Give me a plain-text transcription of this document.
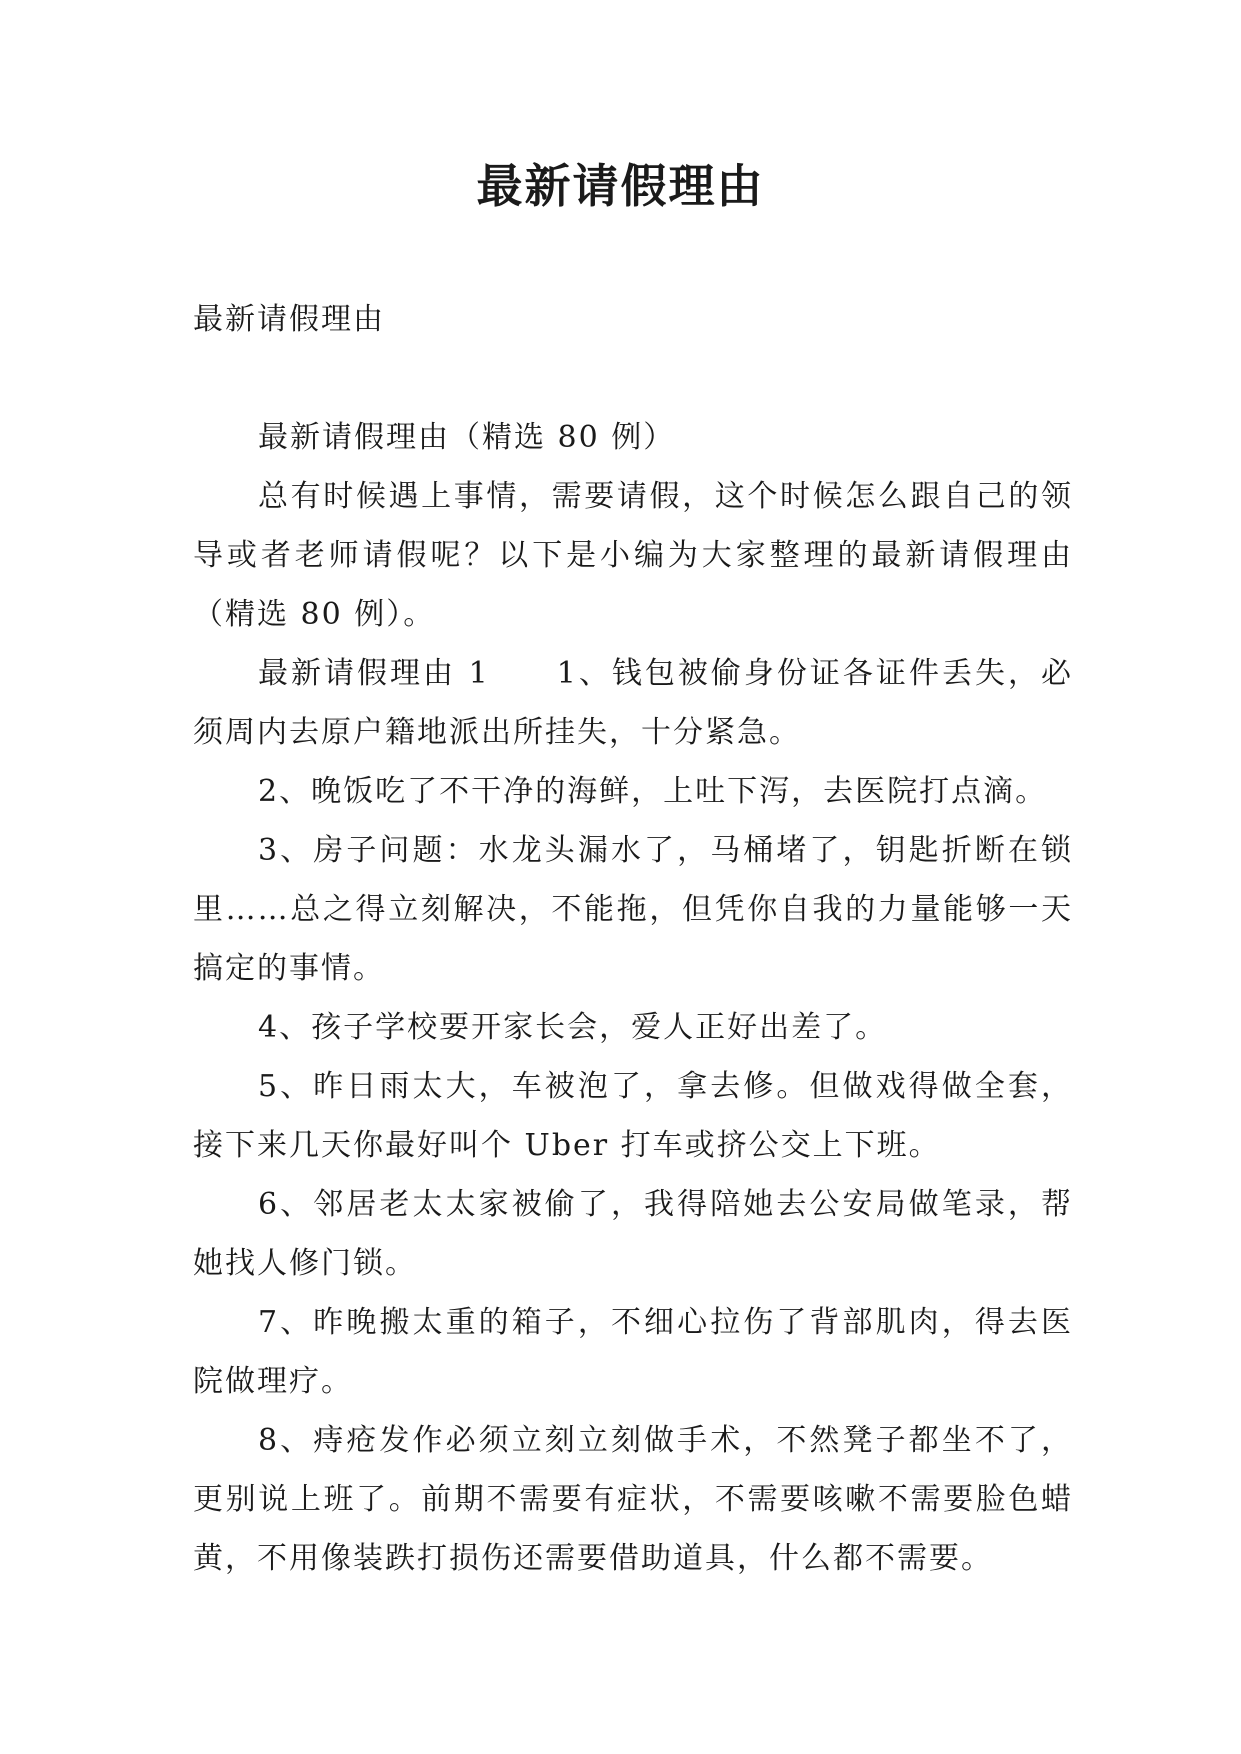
最新请假理由
最新请假理由

最新请假理由（精选 80 例）

总有时候遇上事情，需要请假，这个时候怎么跟自己的领导或者老师请假呢？以下是小编为大家整理的最新请假理由（精选 80 例）。

最新请假理由 1　　1、钱包被偷身份证各证件丢失，必须周内去原户籍地派出所挂失，十分紧急。

2、晚饭吃了不干净的海鲜，上吐下泻，去医院打点滴。

3、房子问题：水龙头漏水了，马桶堵了，钥匙折断在锁里……总之得立刻解决，不能拖，但凭你自我的力量能够一天搞定的事情。

4、孩子学校要开家长会，爱人正好出差了。

5、昨日雨太大，车被泡了，拿去修。但做戏得做全套，接下来几天你最好叫个 Uber 打车或挤公交上下班。

6、邻居老太太家被偷了，我得陪她去公安局做笔录，帮她找人修门锁。

7、昨晚搬太重的箱子，不细心拉伤了背部肌肉，得去医院做理疗。

8、痔疮发作必须立刻立刻做手术，不然凳子都坐不了，更别说上班了。前期不需要有症状，不需要咳嗽不需要脸色蜡黄，不用像装跌打损伤还需要借助道具，什么都不需要。
